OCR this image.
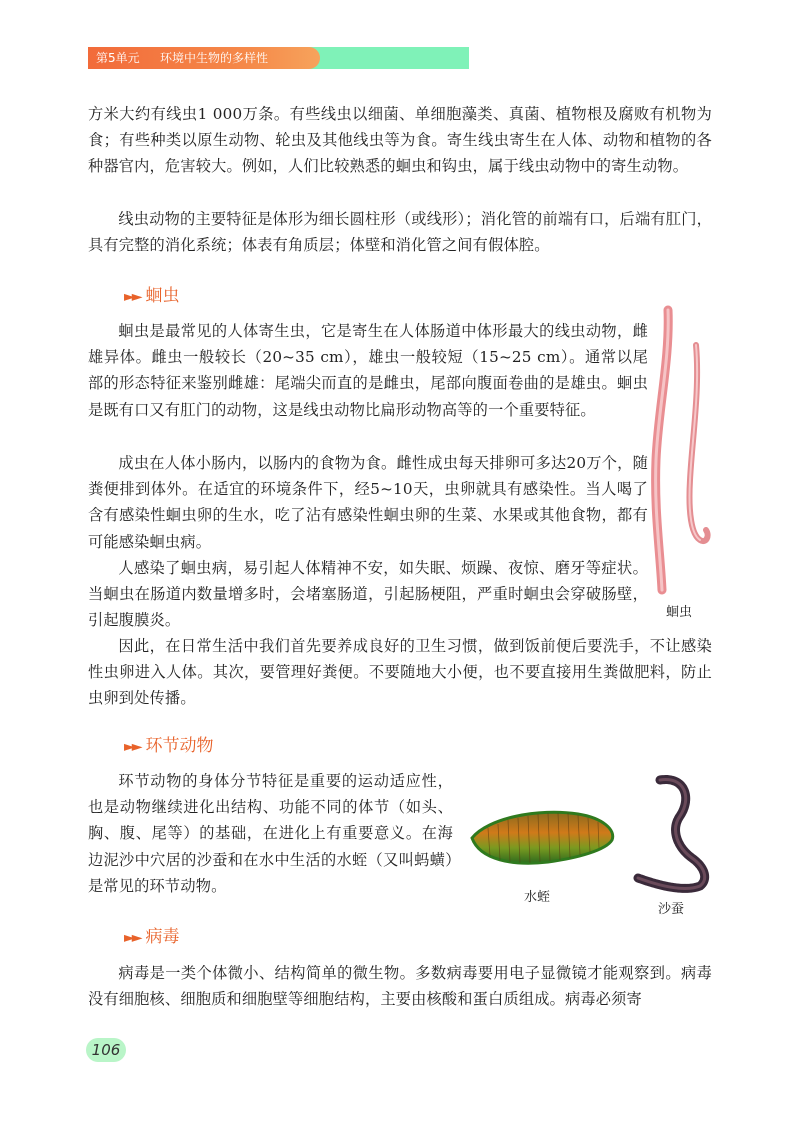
第5单元 环境中生物的多样性

方米大约有线虫1 000万条。有些线虫以细菌、单细胞藻类、真菌、植物根及腐败有机物为食；有些种类以原生动物、轮虫及其他线虫等为食。寄生线虫寄生在人体、动物和植物的各种器官内，危害较大。例如，人们比较熟悉的蛔虫和钩虫，属于线虫动物中的寄生动物。

线虫动物的主要特征是体形为细长圆柱形（或线形）；消化管的前端有口，后端有肛门，具有完整的消化系统；体表有角质层；体壁和消化管之间有假体腔。

►► 蛔虫

蛔虫是最常见的人体寄生虫，它是寄生在人体肠道中体形最大的线虫动物，雌雄异体。雌虫一般较长（20~35 cm），雄虫一般较短（15~25 cm）。通常以尾部的形态特征来鉴别雌雄：尾端尖而直的是雌虫，尾部向腹面卷曲的是雄虫。蛔虫是既有口又有肛门的动物，这是线虫动物比扁形动物高等的一个重要特征。

成虫在人体小肠内，以肠内的食物为食。雌性成虫每天排卵可多达20万个，随粪便排到体外。在适宜的环境条件下，经5~10天，虫卵就具有感染性。当人喝了含有感染性蛔虫卵的生水，吃了沾有感染性蛔虫卵的生菜、水果或其他食物，都有可能感染蛔虫病。

人感染了蛔虫病，易引起人体精神不安，如失眠、烦躁、夜惊、磨牙等症状。当蛔虫在肠道内数量增多时，会堵塞肠道，引起肠梗阻，严重时蛔虫会穿破肠壁，引起腹膜炎。	蛔虫

因此，在日常生活中我们首先要养成良好的卫生习惯，做到饭前便后要洗手，不让感染性虫卵进入人体。其次，要管理好粪便。不要随地大小便，也不要直接用生粪做肥料，防止虫卵到处传播。

►► 环节动物

环节动物的身体分节特征是重要的运动适应性，也是动物继续进化出结构、功能不同的体节（如头、胸、腹、尾等）的基础，在进化上有重要意义。在海边泥沙中穴居的沙蚕和在水中生活的水蛭（又叫蚂蟥）是常见的环节动物。

水蛭
沙蚕
►► 病毒

病毒是一类个体微小、结构简单的微生物。多数病毒要用电子显微镜才能观察到。病毒没有细胞核、细胞质和细胞壁等细胞结构，主要由核酸和蛋白质组成。病毒必须寄

106
